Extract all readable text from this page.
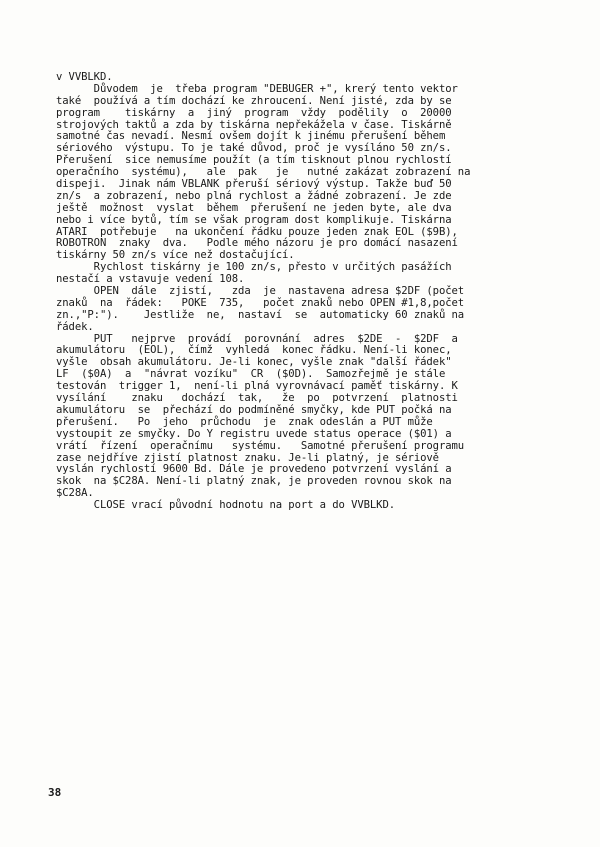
v VVBLKD.
Důvodem  je  třeba program "DEBUGER +", krerý tento vektor
také  používá a tím dochází ke zhroucení. Není jisté, zda by se
program    tiskárny  a  jiný  program  vždy  podělily  o  20000
strojových taktů a zda by tiskárna nepřekážela v čase. Tiskárně
samotné čas nevadí. Nesmí ovšem dojít k jinému přerušení během
sériového  výstupu. To je také důvod, proč je vysíláno 50 zn/s.
Přerušení  sice nemusíme použít (a tím tisknout plnou rychlostí
operačního  systému),   ale  pak   je   nutné zakázat zobrazení na
dispeji.  Jinak nám VBLANK přeruší sériový výstup. Takže buď 50
zn/s  a zobrazení, nebo plná rychlost a žádné zobrazení. Je zde
ještě  možnost  vyslat  během  přerušení ne jeden byte, ale dva
nebo i více bytů, tím se však program dost komplikuje. Tiskárna
ATARI  potřebuje   na ukončení řádku pouze jeden znak EOL ($9B),
ROBOTRON  znaky  dva.   Podle mého názoru je pro domácí nasazení
tiskárny 50 zn/s více než dostačující.
Rychlost tiskárny je 100 zn/s, přesto v určitých pasážích
nestačí a vstavuje vedení 108.
OPEN  dále  zjistí,   zda  je  nastavena adresa $2DF (počet
znaků  na  řádek:   POKE  735,   počet znaků nebo OPEN #1,8,počet
zn.,"P:").    Jestliže  ne,  nastaví  se  automaticky 60 znaků na
řádek.
PUT   nejprve  provádí  porovnání  adres  $2DE  -  $2DF  a
akumulátoru  (EOL),  čímž  vyhledá  konec řádku. Není-li konec,
vyšle  obsah akumulátoru. Je-li konec, vyšle znak "další řádek"
LF  ($0A)  a  "návrat vozíku"  CR  ($0D).  Samozřejmě je stále
testován  trigger 1,  není-li plná vyrovnávací paměť tiskárny. K
vysílání    znaku   dochází  tak,   že  po  potvrzení  platnosti
akumulátoru  se  přechází do podmíněné smyčky, kde PUT počká na
přerušení.   Po  jeho  průchodu  je  znak odeslán a PUT může
vystoupit ze smyčky. Do Y registru uvede status operace ($01) a
vrátí  řízení  operačnímu   systému.   Samotné přerušení programu
zase nejdříve zjistí platnost znaku. Je-li platný, je sériově
vyslán rychlostí 9600 Bd. Dále je provedeno potvrzení vyslání a
skok  na $C28A. Není-li platný znak, je proveden rovnou skok na
$C28A.
CLOSE vrací původní hodnotu na port a do VVBLKD.
38
